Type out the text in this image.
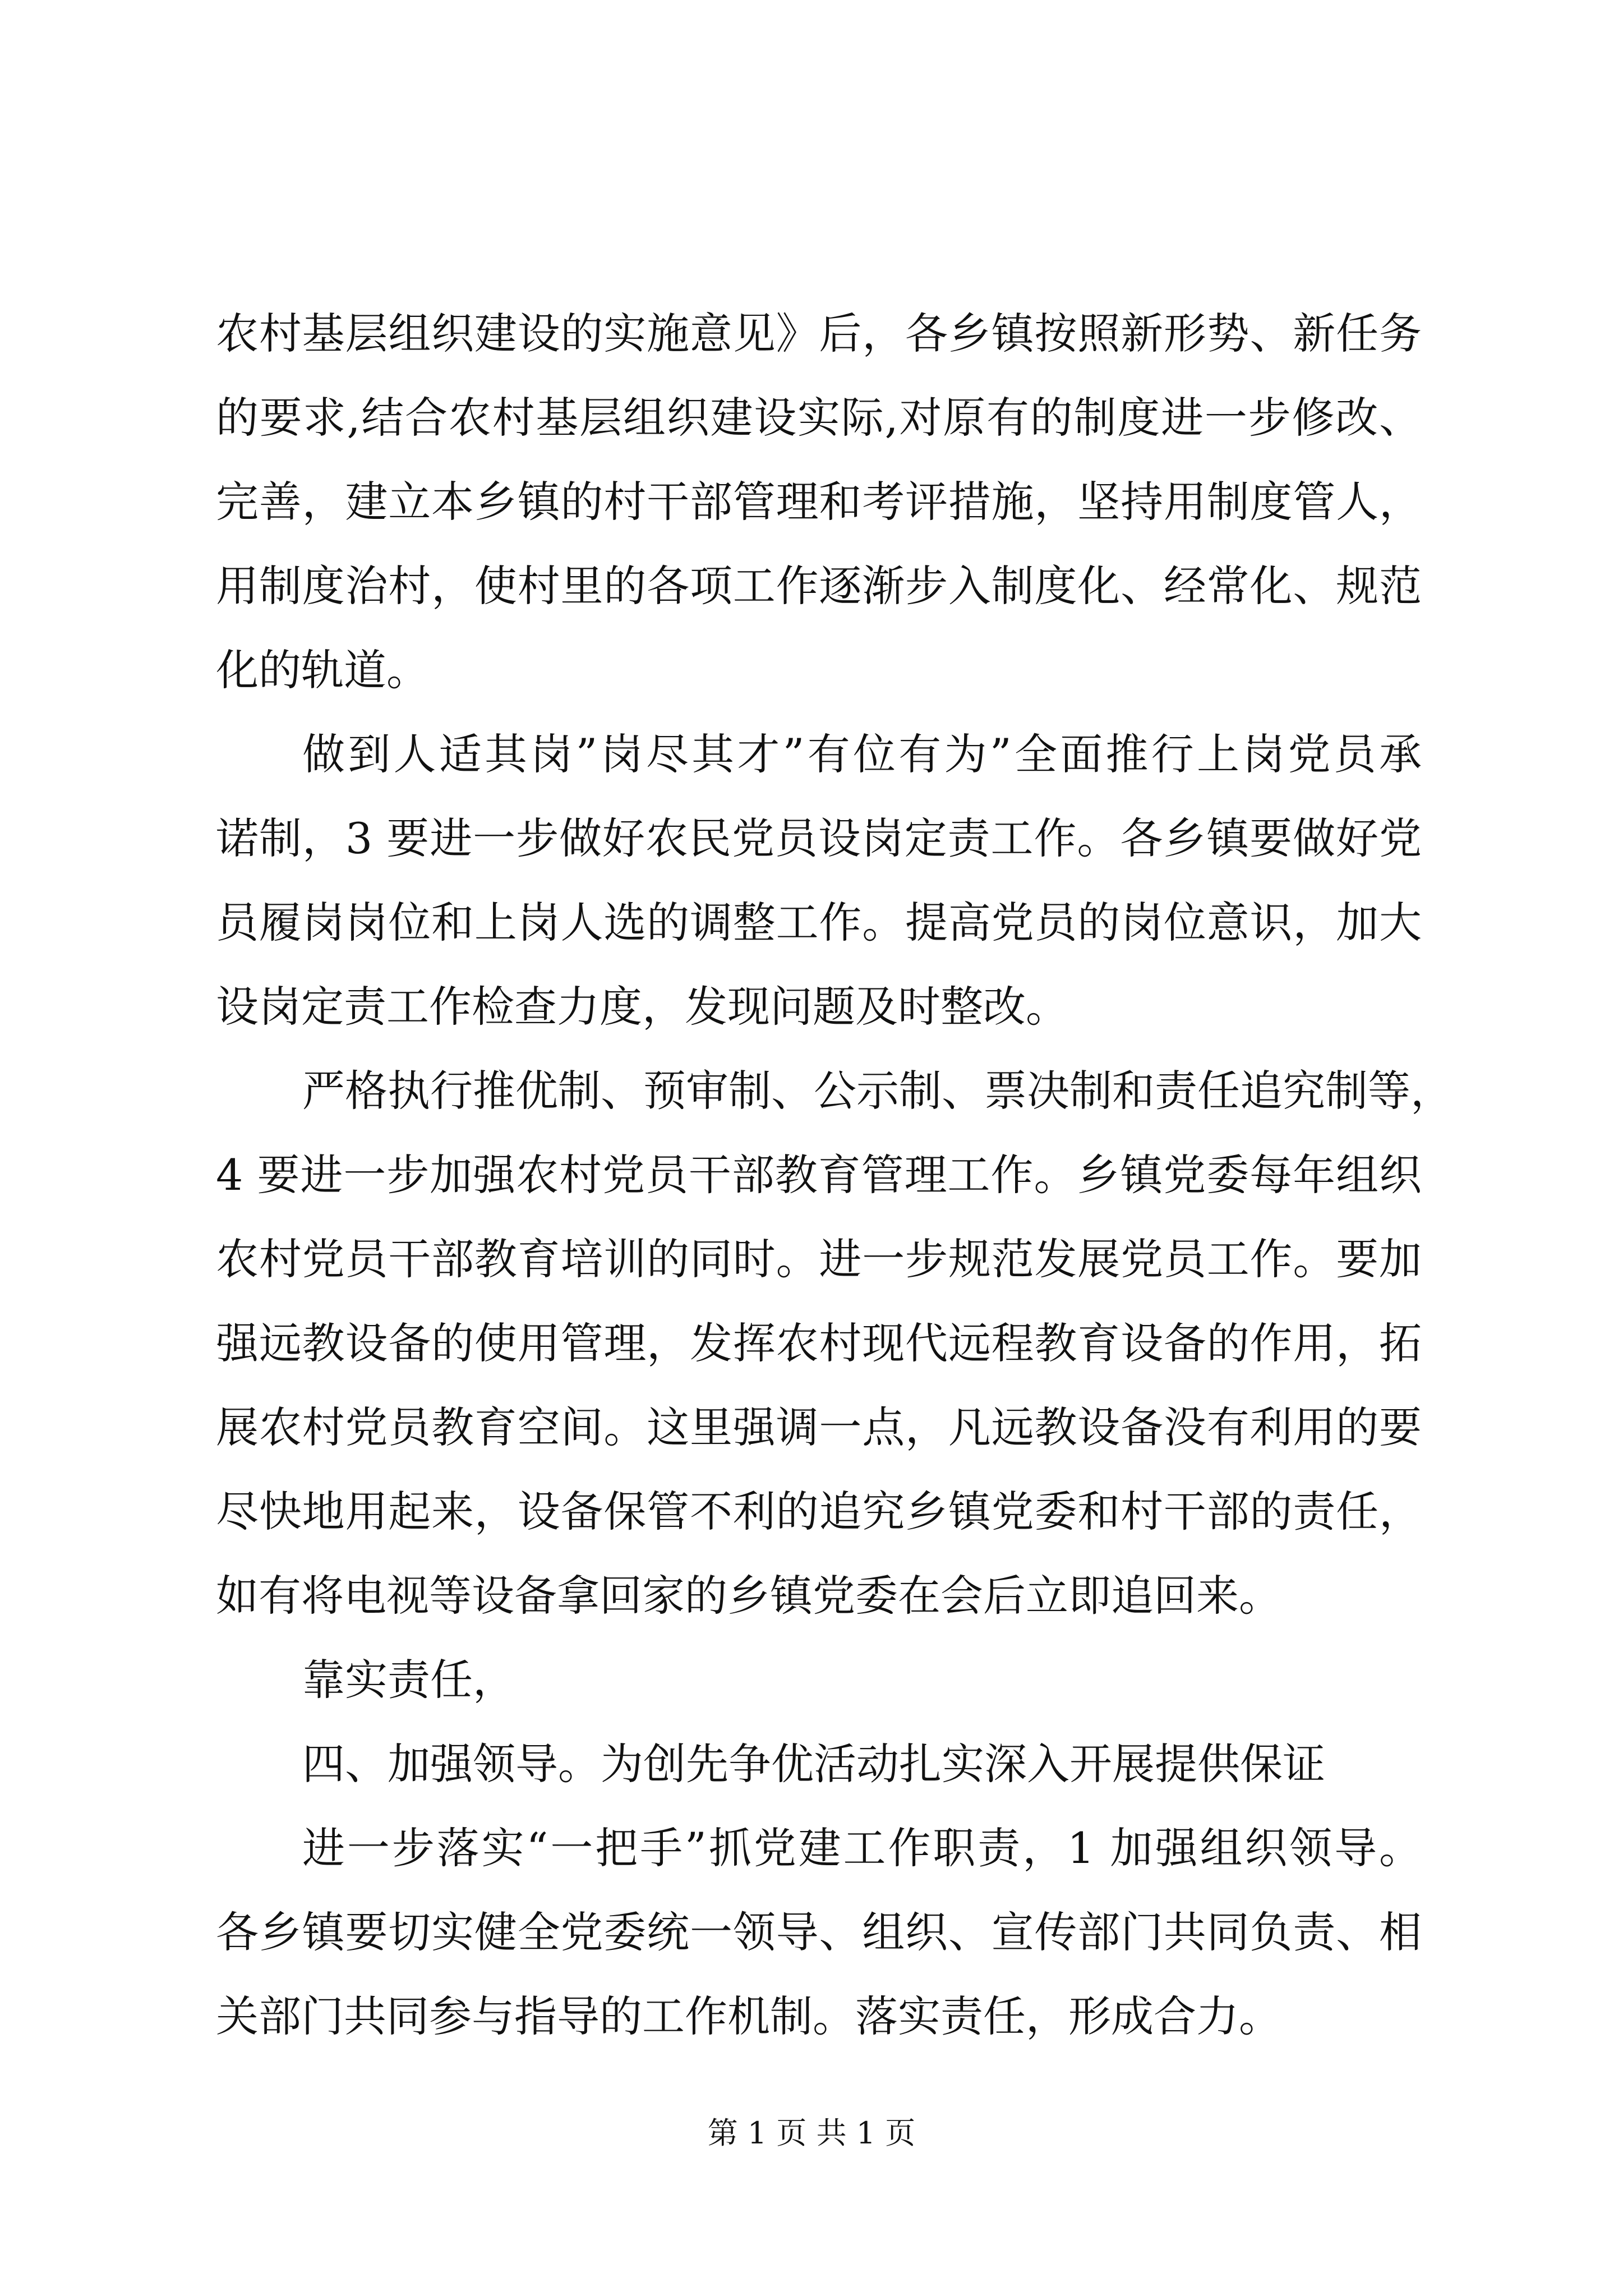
农村基层组织建设的实施意见》后，各乡镇按照新形势、新任务
的要求,结合农村基层组织建设实际,对原有的制度进一步修改、
完善，建立本乡镇的村干部管理和考评措施，坚持用制度管人，
用制度治村，使村里的各项工作逐渐步入制度化、经常化、规范
化的轨道。
做到人适其岗”岗尽其才”有位有为”全面推行上岗党员承
诺制，3 要进一步做好农民党员设岗定责工作。各乡镇要做好党
员履岗岗位和上岗人选的调整工作。提高党员的岗位意识，加大
设岗定责工作检查力度，发现问题及时整改。
严格执行推优制、预审制、公示制、票决制和责任追究制等，
4 要进一步加强农村党员干部教育管理工作。乡镇党委每年组织
农村党员干部教育培训的同时。进一步规范发展党员工作。要加
强远教设备的使用管理，发挥农村现代远程教育设备的作用，拓
展农村党员教育空间。这里强调一点，凡远教设备没有利用的要
尽快地用起来，设备保管不利的追究乡镇党委和村干部的责任，
如有将电视等设备拿回家的乡镇党委在会后立即追回来。
靠实责任，
四、加强领导。为创先争优活动扎实深入开展提供保证
进一步落实“一把手”抓党建工作职责，1 加强组织领导。
各乡镇要切实健全党委统一领导、组织、宣传部门共同负责、相
关部门共同参与指导的工作机制。落实责任，形成合力。
第 1 页 共 1 页
